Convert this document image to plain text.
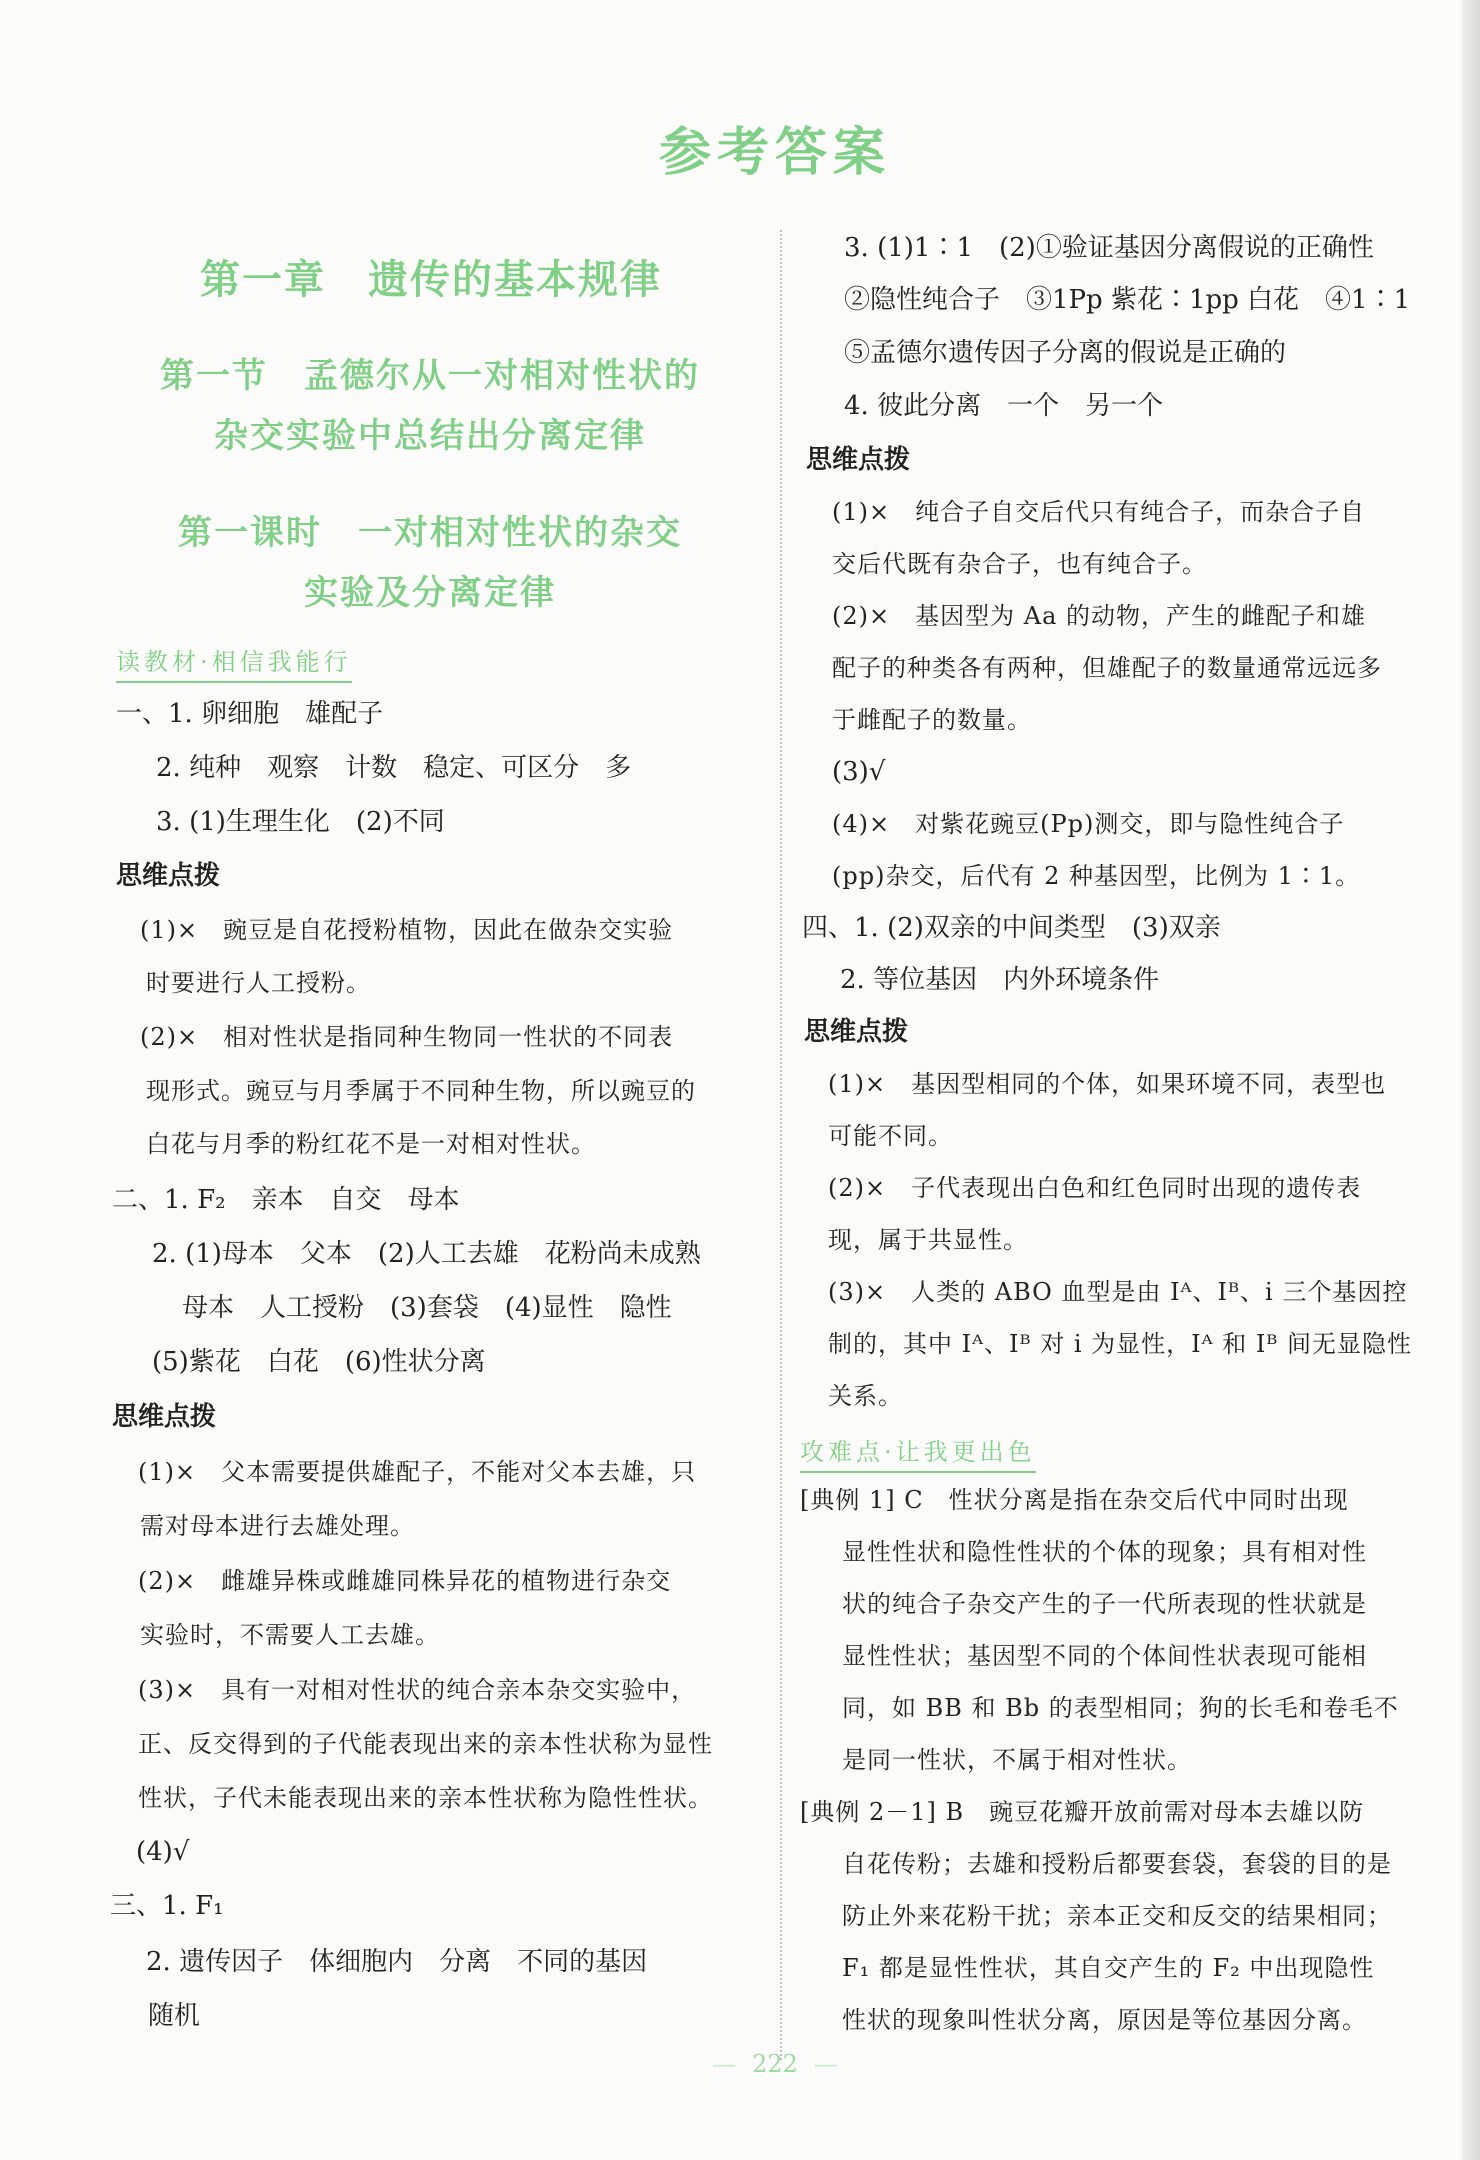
参考答案
第一章　遗传的基本规律
第一节　孟德尔从一对相对性状的
杂交实验中总结出分离定律
第一课时　一对相对性状的杂交
实验及分离定律
读教材·相信我能行
一、1. 卵细胞　雄配子
2. 纯种　观察　计数　稳定、可区分　多
3. (1)生理生化　(2)不同
思维点拨
(1)×　豌豆是自花授粉植物，因此在做杂交实验
时要进行人工授粉。
(2)×　相对性状是指同种生物同一性状的不同表
现形式。豌豆与月季属于不同种生物，所以豌豆的
白花与月季的粉红花不是一对相对性状。
二、1. F₂　亲本　自交　母本
2. (1)母本　父本　(2)人工去雄　花粉尚未成熟
母本　人工授粉　(3)套袋　(4)显性　隐性
(5)紫花　白花　(6)性状分离
思维点拨
(1)×　父本需要提供雄配子，不能对父本去雄，只
需对母本进行去雄处理。
(2)×　雌雄异株或雌雄同株异花的植物进行杂交
实验时，不需要人工去雄。
(3)×　具有一对相对性状的纯合亲本杂交实验中，
正、反交得到的子代能表现出来的亲本性状称为显性
性状，子代未能表现出来的亲本性状称为隐性性状。
(4)√
三、1. F₁
2. 遗传因子　体细胞内　分离　不同的基因
随机
3. (1)1∶1　(2)①验证基因分离假说的正确性
②隐性纯合子　③1Pp 紫花∶1pp 白花　④1∶1
⑤孟德尔遗传因子分离的假说是正确的
4. 彼此分离　一个　另一个
思维点拨
(1)×　纯合子自交后代只有纯合子，而杂合子自
交后代既有杂合子，也有纯合子。
(2)×　基因型为 Aa 的动物，产生的雌配子和雄
配子的种类各有两种，但雄配子的数量通常远远多
于雌配子的数量。
(3)√
(4)×　对紫花豌豆(Pp)测交，即与隐性纯合子
(pp)杂交，后代有 2 种基因型，比例为 1∶1。
四、1. (2)双亲的中间类型　(3)双亲
2. 等位基因　内外环境条件
思维点拨
(1)×　基因型相同的个体，如果环境不同，表型也
可能不同。
(2)×　子代表现出白色和红色同时出现的遗传表
现，属于共显性。
(3)×　人类的 ABO 血型是由 Iᴬ、Iᴮ、i 三个基因控
制的，其中 Iᴬ、Iᴮ 对 i 为显性，Iᴬ 和 Iᴮ 间无显隐性
关系。
攻难点·让我更出色
[典例 1] C　性状分离是指在杂交后代中同时出现
显性性状和隐性性状的个体的现象；具有相对性
状的纯合子杂交产生的子一代所表现的性状就是
显性性状；基因型不同的个体间性状表现可能相
同，如 BB 和 Bb 的表型相同；狗的长毛和卷毛不
是同一性状，不属于相对性状。
[典例 2－1] B　豌豆花瓣开放前需对母本去雄以防
自花传粉；去雄和授粉后都要套袋，套袋的目的是
防止外来花粉干扰；亲本正交和反交的结果相同；
F₁ 都是显性性状，其自交产生的 F₂ 中出现隐性
性状的现象叫性状分离，原因是等位基因分离。
— 222 —
